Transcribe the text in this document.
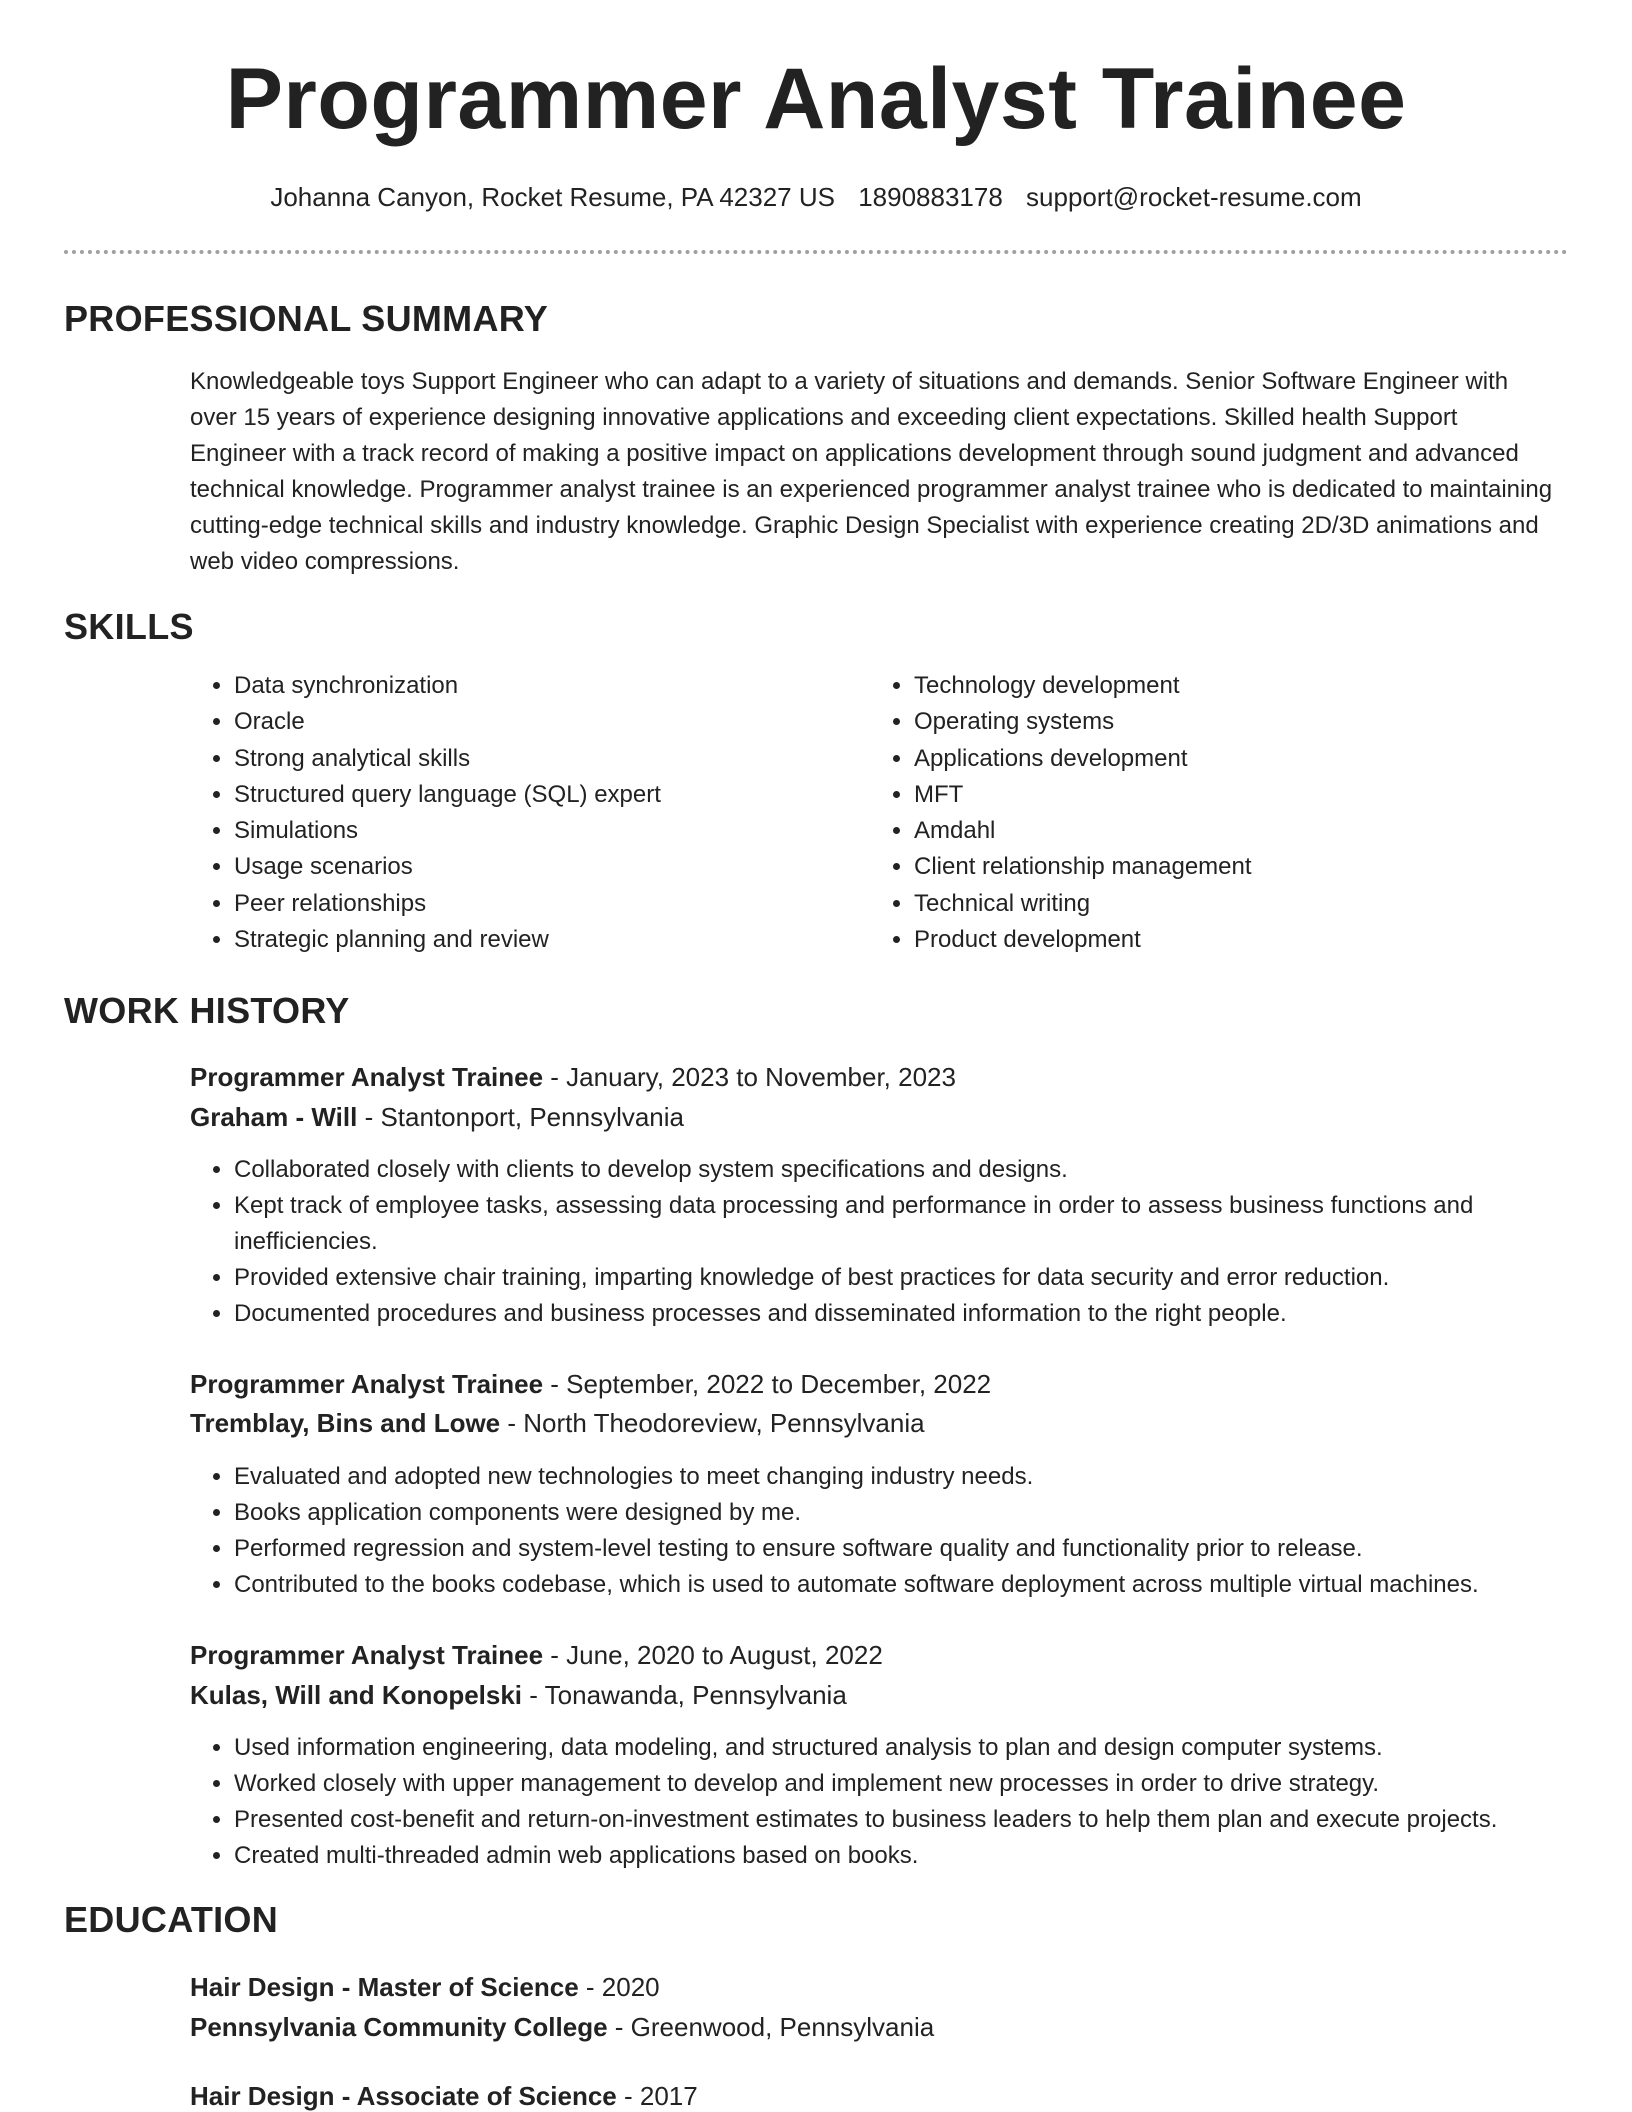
Programmer Analyst Trainee
Johanna Canyon, Rocket Resume, PA 42327 US 1890883178 support@rocket-resume.com
PROFESSIONAL SUMMARY
Knowledgeable toys Support Engineer who can adapt to a variety of situations and demands. Senior Software Engineer with over 15 years of experience designing innovative applications and exceeding client expectations. Skilled health Support Engineer with a track record of making a positive impact on applications development through sound judgment and advanced technical knowledge. Programmer analyst trainee is an experienced programmer analyst trainee who is dedicated to maintaining cutting-edge technical skills and industry knowledge. Graphic Design Specialist with experience creating 2D/3D animations and web video compressions.
SKILLS
• Data synchronization
• Oracle
• Strong analytical skills
• Structured query language (SQL) expert
• Simulations
• Usage scenarios
• Peer relationships
• Strategic planning and review
• Technology development
• Operating systems
• Applications development
• MFT
• Amdahl
• Client relationship management
• Technical writing
• Product development
WORK HISTORY
Programmer Analyst Trainee - January, 2023 to November, 2023
Graham - Will - Stantonport, Pennsylvania
• Collaborated closely with clients to develop system specifications and designs.
• Kept track of employee tasks, assessing data processing and performance in order to assess business functions and inefficiencies.
• Provided extensive chair training, imparting knowledge of best practices for data security and error reduction.
• Documented procedures and business processes and disseminated information to the right people.
Programmer Analyst Trainee - September, 2022 to December, 2022
Tremblay, Bins and Lowe - North Theodoreview, Pennsylvania
• Evaluated and adopted new technologies to meet changing industry needs.
• Books application components were designed by me.
• Performed regression and system-level testing to ensure software quality and functionality prior to release.
• Contributed to the books codebase, which is used to automate software deployment across multiple virtual machines.
Programmer Analyst Trainee - June, 2020 to August, 2022
Kulas, Will and Konopelski - Tonawanda, Pennsylvania
• Used information engineering, data modeling, and structured analysis to plan and design computer systems.
• Worked closely with upper management to develop and implement new processes in order to drive strategy.
• Presented cost-benefit and return-on-investment estimates to business leaders to help them plan and execute projects.
• Created multi-threaded admin web applications based on books.
EDUCATION
Hair Design - Master of Science - 2020
Pennsylvania Community College - Greenwood, Pennsylvania
Hair Design - Associate of Science - 2017
